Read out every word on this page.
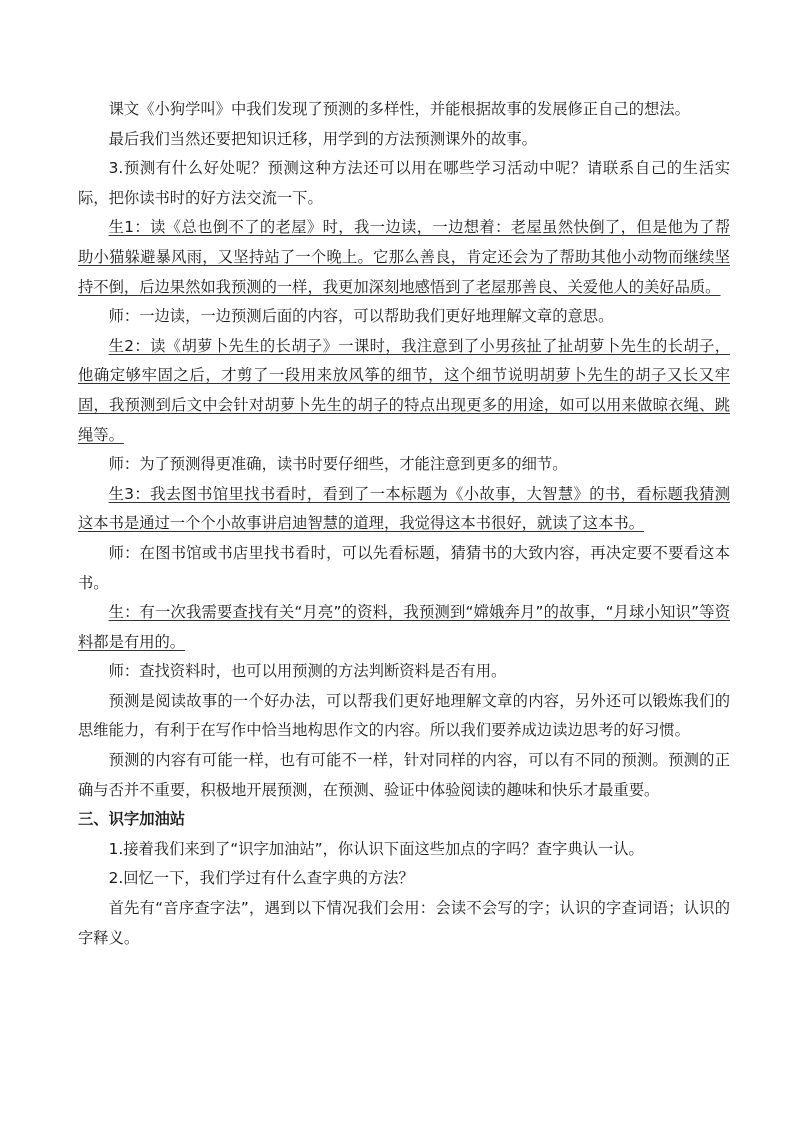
课文《小狗学叫》中我们发现了预测的多样性，并能根据故事的发展修正自己的想法。

最后我们当然还要把知识迁移，用学到的方法预测课外的故事。

3.预测有什么好处呢？预测这种方法还可以用在哪些学习活动中呢？请联系自己的生活实际，把你读书时的好方法交流一下。

生1：读《总也倒不了的老屋》时，我一边读，一边想着：老屋虽然快倒了，但是他为了帮助小猫躲避暴风雨，又坚持站了一个晚上。它那么善良，肯定还会为了帮助其他小动物而继续坚持不倒，后边果然如我预测的一样，我更加深刻地感悟到了老屋那善良、关爱他人的美好品质。

师：一边读，一边预测后面的内容，可以帮助我们更好地理解文章的意思。

生2：读《胡萝卜先生的长胡子》一课时，我注意到了小男孩扯了扯胡萝卜先生的长胡子，他确定够牢固之后，才剪了一段用来放风筝的细节，这个细节说明胡萝卜先生的胡子又长又牢固，我预测到后文中会针对胡萝卜先生的胡子的特点出现更多的用途，如可以用来做晾衣绳、跳绳等。

师：为了预测得更准确，读书时要仔细些，才能注意到更多的细节。

生3：我去图书馆里找书看时，看到了一本标题为《小故事，大智慧》的书，看标题我猜测这本书是通过一个个小故事讲启迪智慧的道理，我觉得这本书很好，就读了这本书。

师：在图书馆或书店里找书看时，可以先看标题，猜猜书的大致内容，再决定要不要看这本书。

生：有一次我需要查找有关“月亮”的资料，我预测到“嫦娥奔月”的故事，“月球小知识”等资料都是有用的。

师：查找资料时，也可以用预测的方法判断资料是否有用。

预测是阅读故事的一个好办法，可以帮我们更好地理解文章的内容，另外还可以锻炼我们的思维能力，有利于在写作中恰当地构思作文的内容。所以我们要养成边读边思考的好习惯。

预测的内容有可能一样，也有可能不一样，针对同样的内容，可以有不同的预测。预测的正确与否并不重要，积极地开展预测，在预测、验证中体验阅读的趣味和快乐才最重要。

三、识字加油站

1.接着我们来到了“识字加油站”，你认识下面这些加点的字吗？查字典认一认。

2.回忆一下，我们学过有什么查字典的方法？

首先有“音序查字法”，遇到以下情况我们会用：会读不会写的字；认识的字查词语；认识的字释义。
